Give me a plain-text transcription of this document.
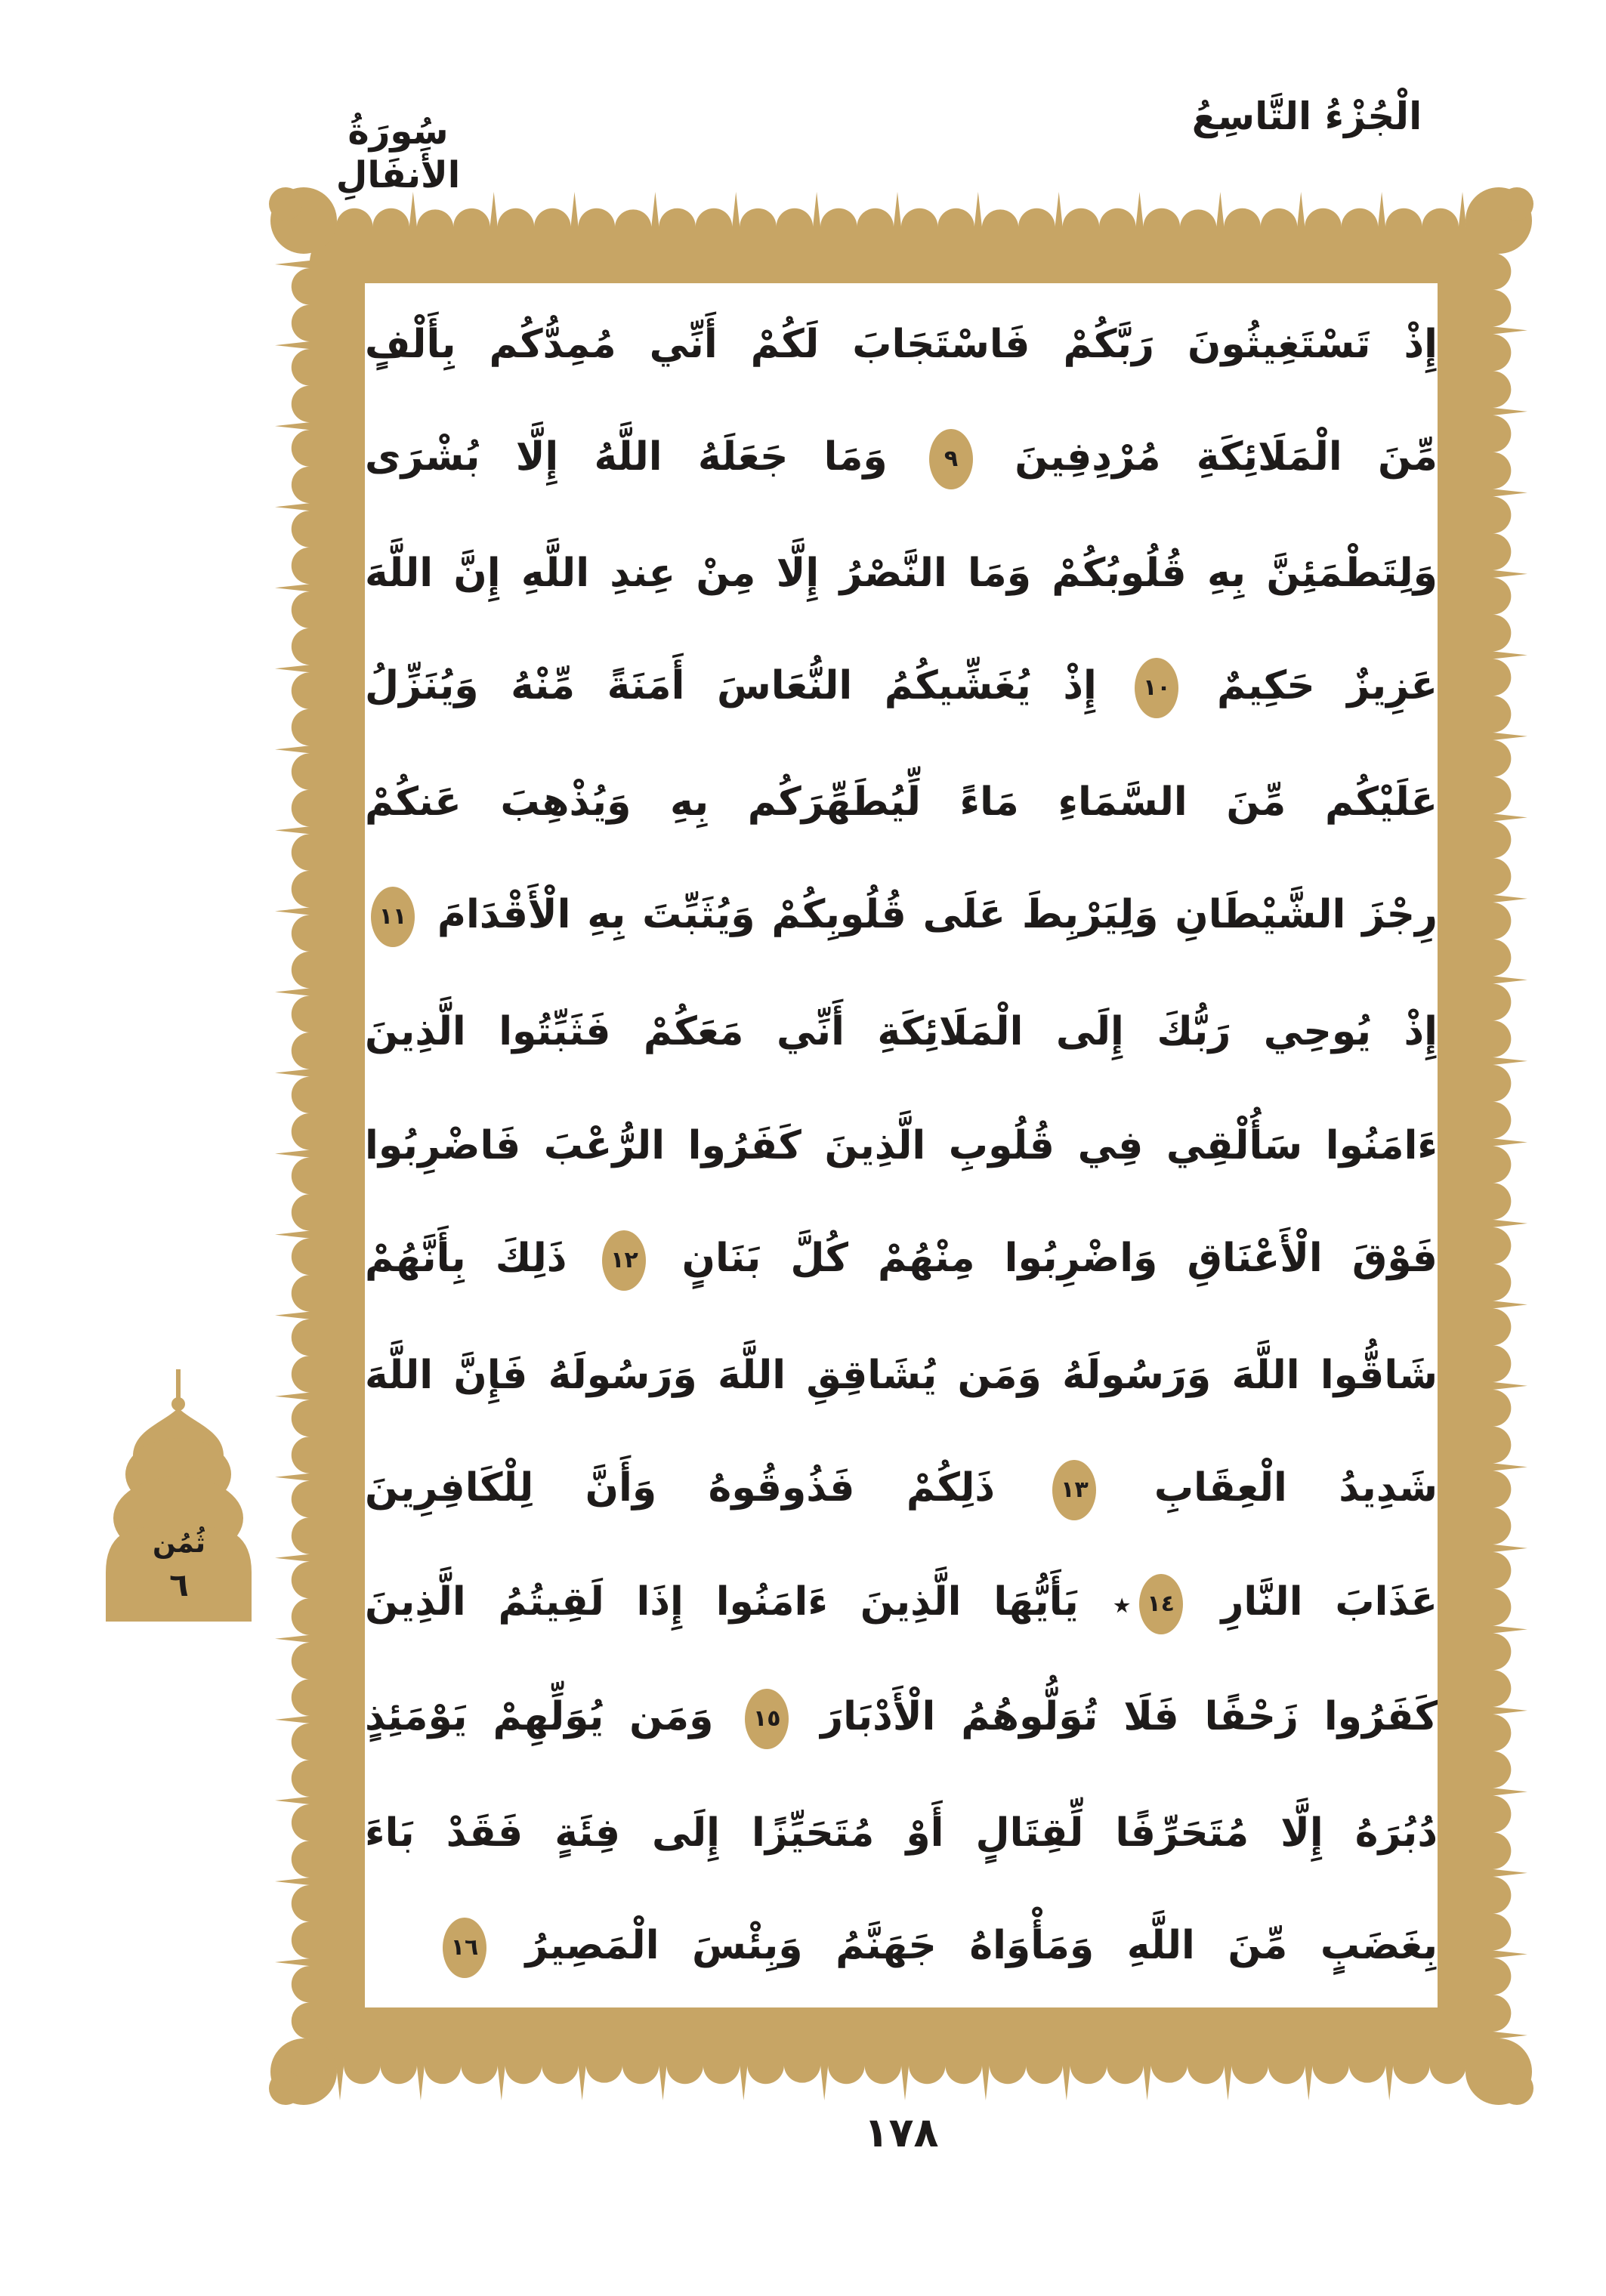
سُورَةُ الأَنفَالِ
الْجُزْءُ التَّاسِعُ
إِذْ تَسْتَغِيثُونَ رَبَّكُمْ فَاسْتَجَابَ لَكُمْ أَنِّي مُمِدُّكُم بِأَلْفٍ
مِّنَ الْمَلَائِكَةِ مُرْدِفِينَ
٩
وَمَا جَعَلَهُ اللَّهُ إِلَّا بُشْرَى
وَلِتَطْمَئِنَّ بِهِ قُلُوبُكُمْ وَمَا النَّصْرُ إِلَّا مِنْ عِندِ اللَّهِ إِنَّ اللَّهَ
عَزِيزٌ حَكِيمٌ
١٠
إِذْ يُغَشِّيكُمُ النُّعَاسَ أَمَنَةً مِّنْهُ وَيُنَزِّلُ
عَلَيْكُم مِّنَ السَّمَاءِ مَاءً لِّيُطَهِّرَكُم بِهِ وَيُذْهِبَ عَنكُمْ
رِجْزَ الشَّيْطَانِ وَلِيَرْبِطَ عَلَى قُلُوبِكُمْ وَيُثَبِّتَ بِهِ الْأَقْدَامَ
١١
إِذْ يُوحِي رَبُّكَ إِلَى الْمَلَائِكَةِ أَنِّي مَعَكُمْ فَثَبِّتُوا الَّذِينَ
ءَامَنُوا سَأُلْقِي فِي قُلُوبِ الَّذِينَ كَفَرُوا الرُّعْبَ فَاضْرِبُوا
فَوْقَ الْأَعْنَاقِ وَاضْرِبُوا مِنْهُمْ كُلَّ بَنَانٍ
١٢
ذَلِكَ بِأَنَّهُمْ
شَاقُّوا اللَّهَ وَرَسُولَهُ وَمَن يُشَاقِقِ اللَّهَ وَرَسُولَهُ فَإِنَّ اللَّهَ
شَدِيدُ الْعِقَابِ
١٣
ذَلِكُمْ فَذُوقُوهُ وَأَنَّ لِلْكَافِرِينَ
عَذَابَ النَّارِ
١٤
٭ يَأَيُّهَا الَّذِينَ ءَامَنُوا إِذَا لَقِيتُمُ الَّذِينَ
كَفَرُوا زَحْفًا فَلَا تُوَلُّوهُمُ الْأَدْبَارَ
١٥
وَمَن يُوَلِّهِمْ يَوْمَئِذٍ
دُبُرَهُ إِلَّا مُتَحَرِّفًا لِّقِتَالٍ أَوْ مُتَحَيِّزًا إِلَى فِئَةٍ فَقَدْ بَاءَ
بِغَضَبٍ مِّنَ اللَّهِ وَمَأْوَاهُ جَهَنَّمُ وَبِئْسَ الْمَصِيرُ
١٦
ثُمُن
٦
١٧٨
